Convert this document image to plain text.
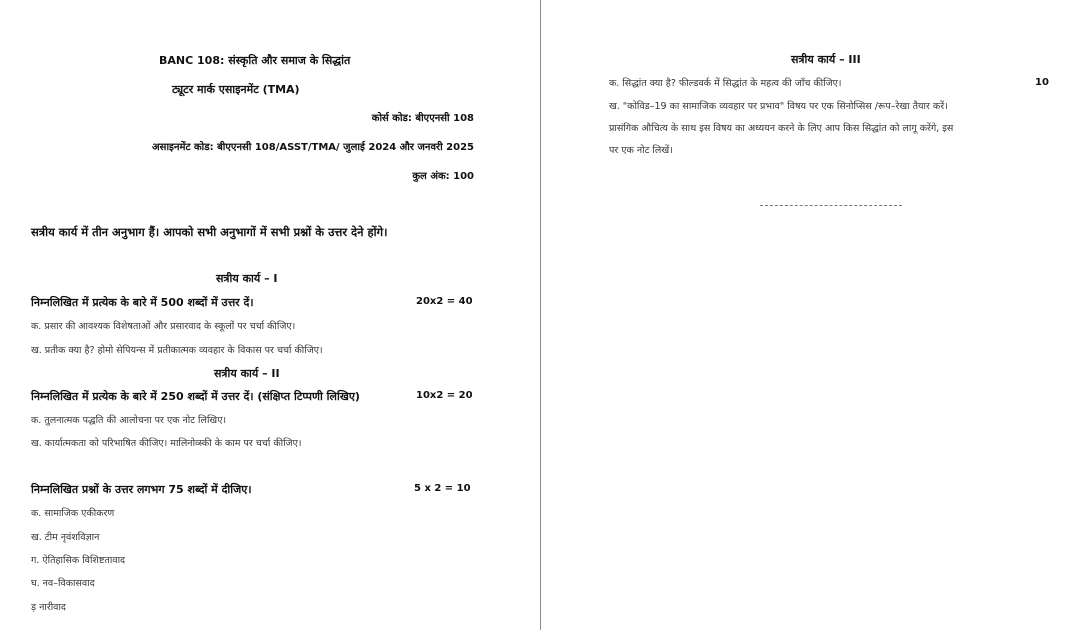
BANC 108: संस्कृति और समाज के सिद्धांत
ट्यूटर मार्क एसाइनमेंट (TMA)
कोर्स कोड: बीएएनसी 108
असाइनमेंट कोड: बीएएनसी 108/ASST/TMA/ जुलाई 2024 और जनवरी 2025
कुल अंक: 100
सत्रीय कार्य में तीन अनुभाग हैं। आपको सभी अनुभागों में सभी प्रश्नों के उत्तर देने होंगे।
सत्रीय कार्य – I
निम्नलिखित में प्रत्येक के बारे में 500 शब्दों में उत्तर दें।	20x2 = 40
क. प्रसार की आवश्यक विशेषताओं और प्रसारवाद के स्कूलों पर चर्चा कीजिए।
ख. प्रतीक क्या है? होमो सेपियन्स में प्रतीकात्मक व्यवहार के विकास पर चर्चा कीजिए।
सत्रीय कार्य – II
निम्नलिखित में प्रत्येक के बारे में 250 शब्दों में उत्तर दें। (संक्षिप्त टिप्पणी लिखिए)	10x2 = 20
क. तुलनात्मक पद्धति की आलोचना पर एक नोट लिखिए।
ख. कार्यात्मकता को परिभाषित कीजिए। मालिनोव्स्की के काम पर चर्चा कीजिए।
निम्नलिखित प्रश्नों के उत्तर लगभग 75 शब्दों में दीजिए।	5 x 2 = 10
क. सामाजिक एकीकरण
ख. टीम नृवंशविज्ञान
ग. ऐतिहासिक विशिष्टतावाद
घ. नव–विकासवाद
ड़ नारीवाद
सत्रीय कार्य – III
क. सिद्धांत क्या है? फील्डवर्क में सिद्धांत के महत्व की जाँच कीजिए।	10
ख. "कोविड–19 का सामाजिक व्यवहार पर प्रभाव" विषय पर एक सिनोप्सिस /रूप–रेखा तैयार करें।
प्रासंगिक औचित्य के साथ इस विषय का अध्ययन करने के लिए आप किस सिद्धांत को लागू करेंगे, इस
पर एक नोट लिखें।
